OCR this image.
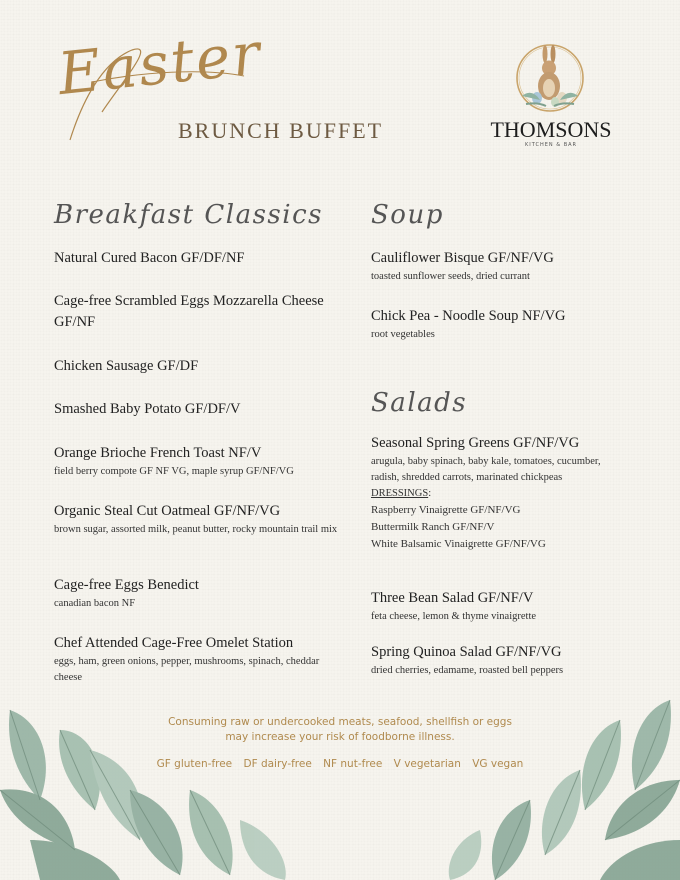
Easter
BRUNCH BUFFET	THOMSONS
KITCHEN & BAR
Breakfast Classics
Natural Cured Bacon GF/DF/NF
Cage-free Scrambled Eggs Mozzarella Cheese GF/NF
Chicken Sausage GF/DF
Smashed Baby Potato GF/DF/V
Orange Brioche French Toast NF/V
field berry compote GF NF VG, maple syrup GF/NF/VG
Organic Steal Cut Oatmeal GF/NF/VG
brown sugar, assorted milk, peanut butter, rocky mountain trail mix
Cage-free Eggs Benedict
canadian bacon NF
Chef Attended Cage-Free Omelet Station
eggs, ham, green onions, pepper, mushrooms, spinach, cheddar cheese
Soup
Cauliflower Bisque GF/NF/VG
toasted sunflower seeds, dried currant
Chick Pea - Noodle Soup NF/VG
root vegetables
Salads
Seasonal Spring Greens GF/NF/VG
arugula, baby spinach, baby kale, tomatoes, cucumber, radish, shredded carrots, marinated chickpeas
DRESSINGS:
Raspberry Vinaigrette GF/NF/VG
Buttermilk Ranch GF/NF/V
White Balsamic Vinaigrette GF/NF/VG
Three Bean Salad GF/NF/V
feta cheese, lemon & thyme vinaigrette
Spring Quinoa Salad GF/NF/VG
dried cherries, edamame, roasted bell peppers
Consuming raw or undercooked meats, seafood, shellfish or eggs
may increase your risk of foodborne illness.
GF gluten-free DF dairy-free NF nut-free V vegetarian VG vegan
